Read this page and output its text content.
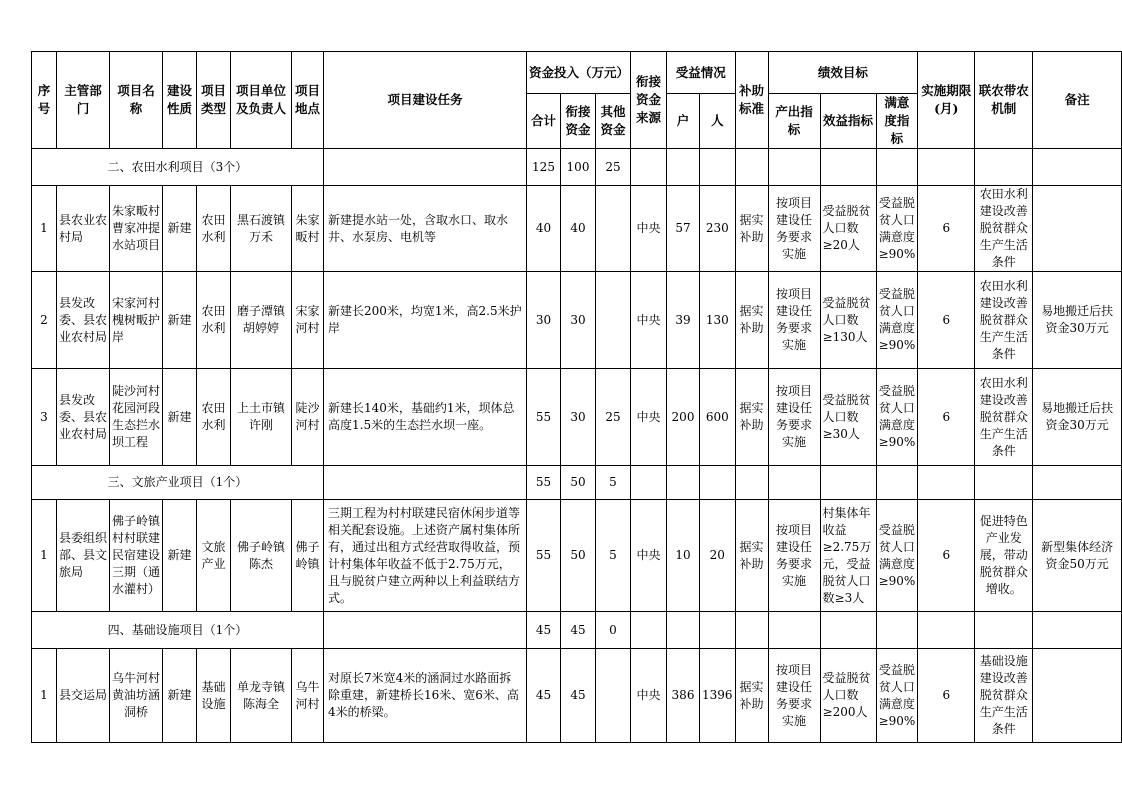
序号	主管部门	项目名称	建设性质	项目类型	项目单位及负责人	项目地点	项目建设任务	资金投入（万元）			衔接资金来源	受益情况		补助标准	绩效目标			实施期限(月)	联农带农机制	备注
								合计	衔接资金	其他资金		户	人		产出指标	效益指标	满意度指标			
二、农田水利项目（3个）								125	100	25										
1	县农业农村局	朱家畈村曹家冲提水站项目	新建	农田水利	黑石渡镇万禾	朱家畈村	新建提水站一处，含取水口、取水井、水泵房、电机等	40	40		中央	57	230	据实补助	按项目建设任务要求实施	受益脱贫人口数≥20人	受益脱贫人口满意度≥90%	6	农田水利建设改善脱贫群众生产生活条件	
2	县发改委、县农业农村局	宋家河村槐树畈护岸	新建	农田水利	磨子潭镇胡婷婷	宋家河村	新建长200米，均宽1米，高2.5米护岸	30	30		中央	39	130	据实补助	按项目建设任务要求实施	受益脱贫人口数≥130人	受益脱贫人口满意度≥90%	6	农田水利建设改善脱贫群众生产生活条件	易地搬迁后扶资金30万元
3	县发改委、县农业农村局	陡沙河村花园河段生态拦水坝工程	新建	农田水利	上土市镇许刚	陡沙河村	新建长140米，基础约1米，坝体总高度1.5米的生态拦水坝一座。	55	30	25	中央	200	600	据实补助	按项目建设任务要求实施	受益脱贫人口数≥30人	受益脱贫人口满意度≥90%	6	农田水利建设改善脱贫群众生产生活条件	易地搬迁后扶资金30万元
三、文旅产业项目（1个）								55	50	5										
1	县委组织部、县文旅局	佛子岭镇村村联建民宿建设三期（通水灌村）	新建	文旅产业	佛子岭镇陈杰	佛子岭镇	三期工程为村村联建民宿休闲步道等相关配套设施。上述资产属村集体所有，通过出租方式经营取得收益，预计村集体年收益不低于2.75万元，且与脱贫户建立两种以上利益联结方式。	55	50	5	中央	10	20	据实补助	按项目建设任务要求实施	村集体年收益≥2.75万元，受益脱贫人口数≥3人	受益脱贫人口满意度≥90%	6	促进特色产业发展，带动脱贫群众增收。	新型集体经济资金50万元
四、基础设施项目（1个）								45	45	0										
1	县交运局	乌牛河村黄油坊涵洞桥	新建	基础设施	单龙寺镇陈海全	乌牛河村	对原长7米宽4米的涵洞过水路面拆除重建，新建桥长16米、宽6米、高4米的桥梁。	45	45		中央	386	1396	据实补助	按项目建设任务要求实施	受益脱贫人口数≥200人	受益脱贫人口满意度≥90%	6	基础设施建设改善脱贫群众生产生活条件	
